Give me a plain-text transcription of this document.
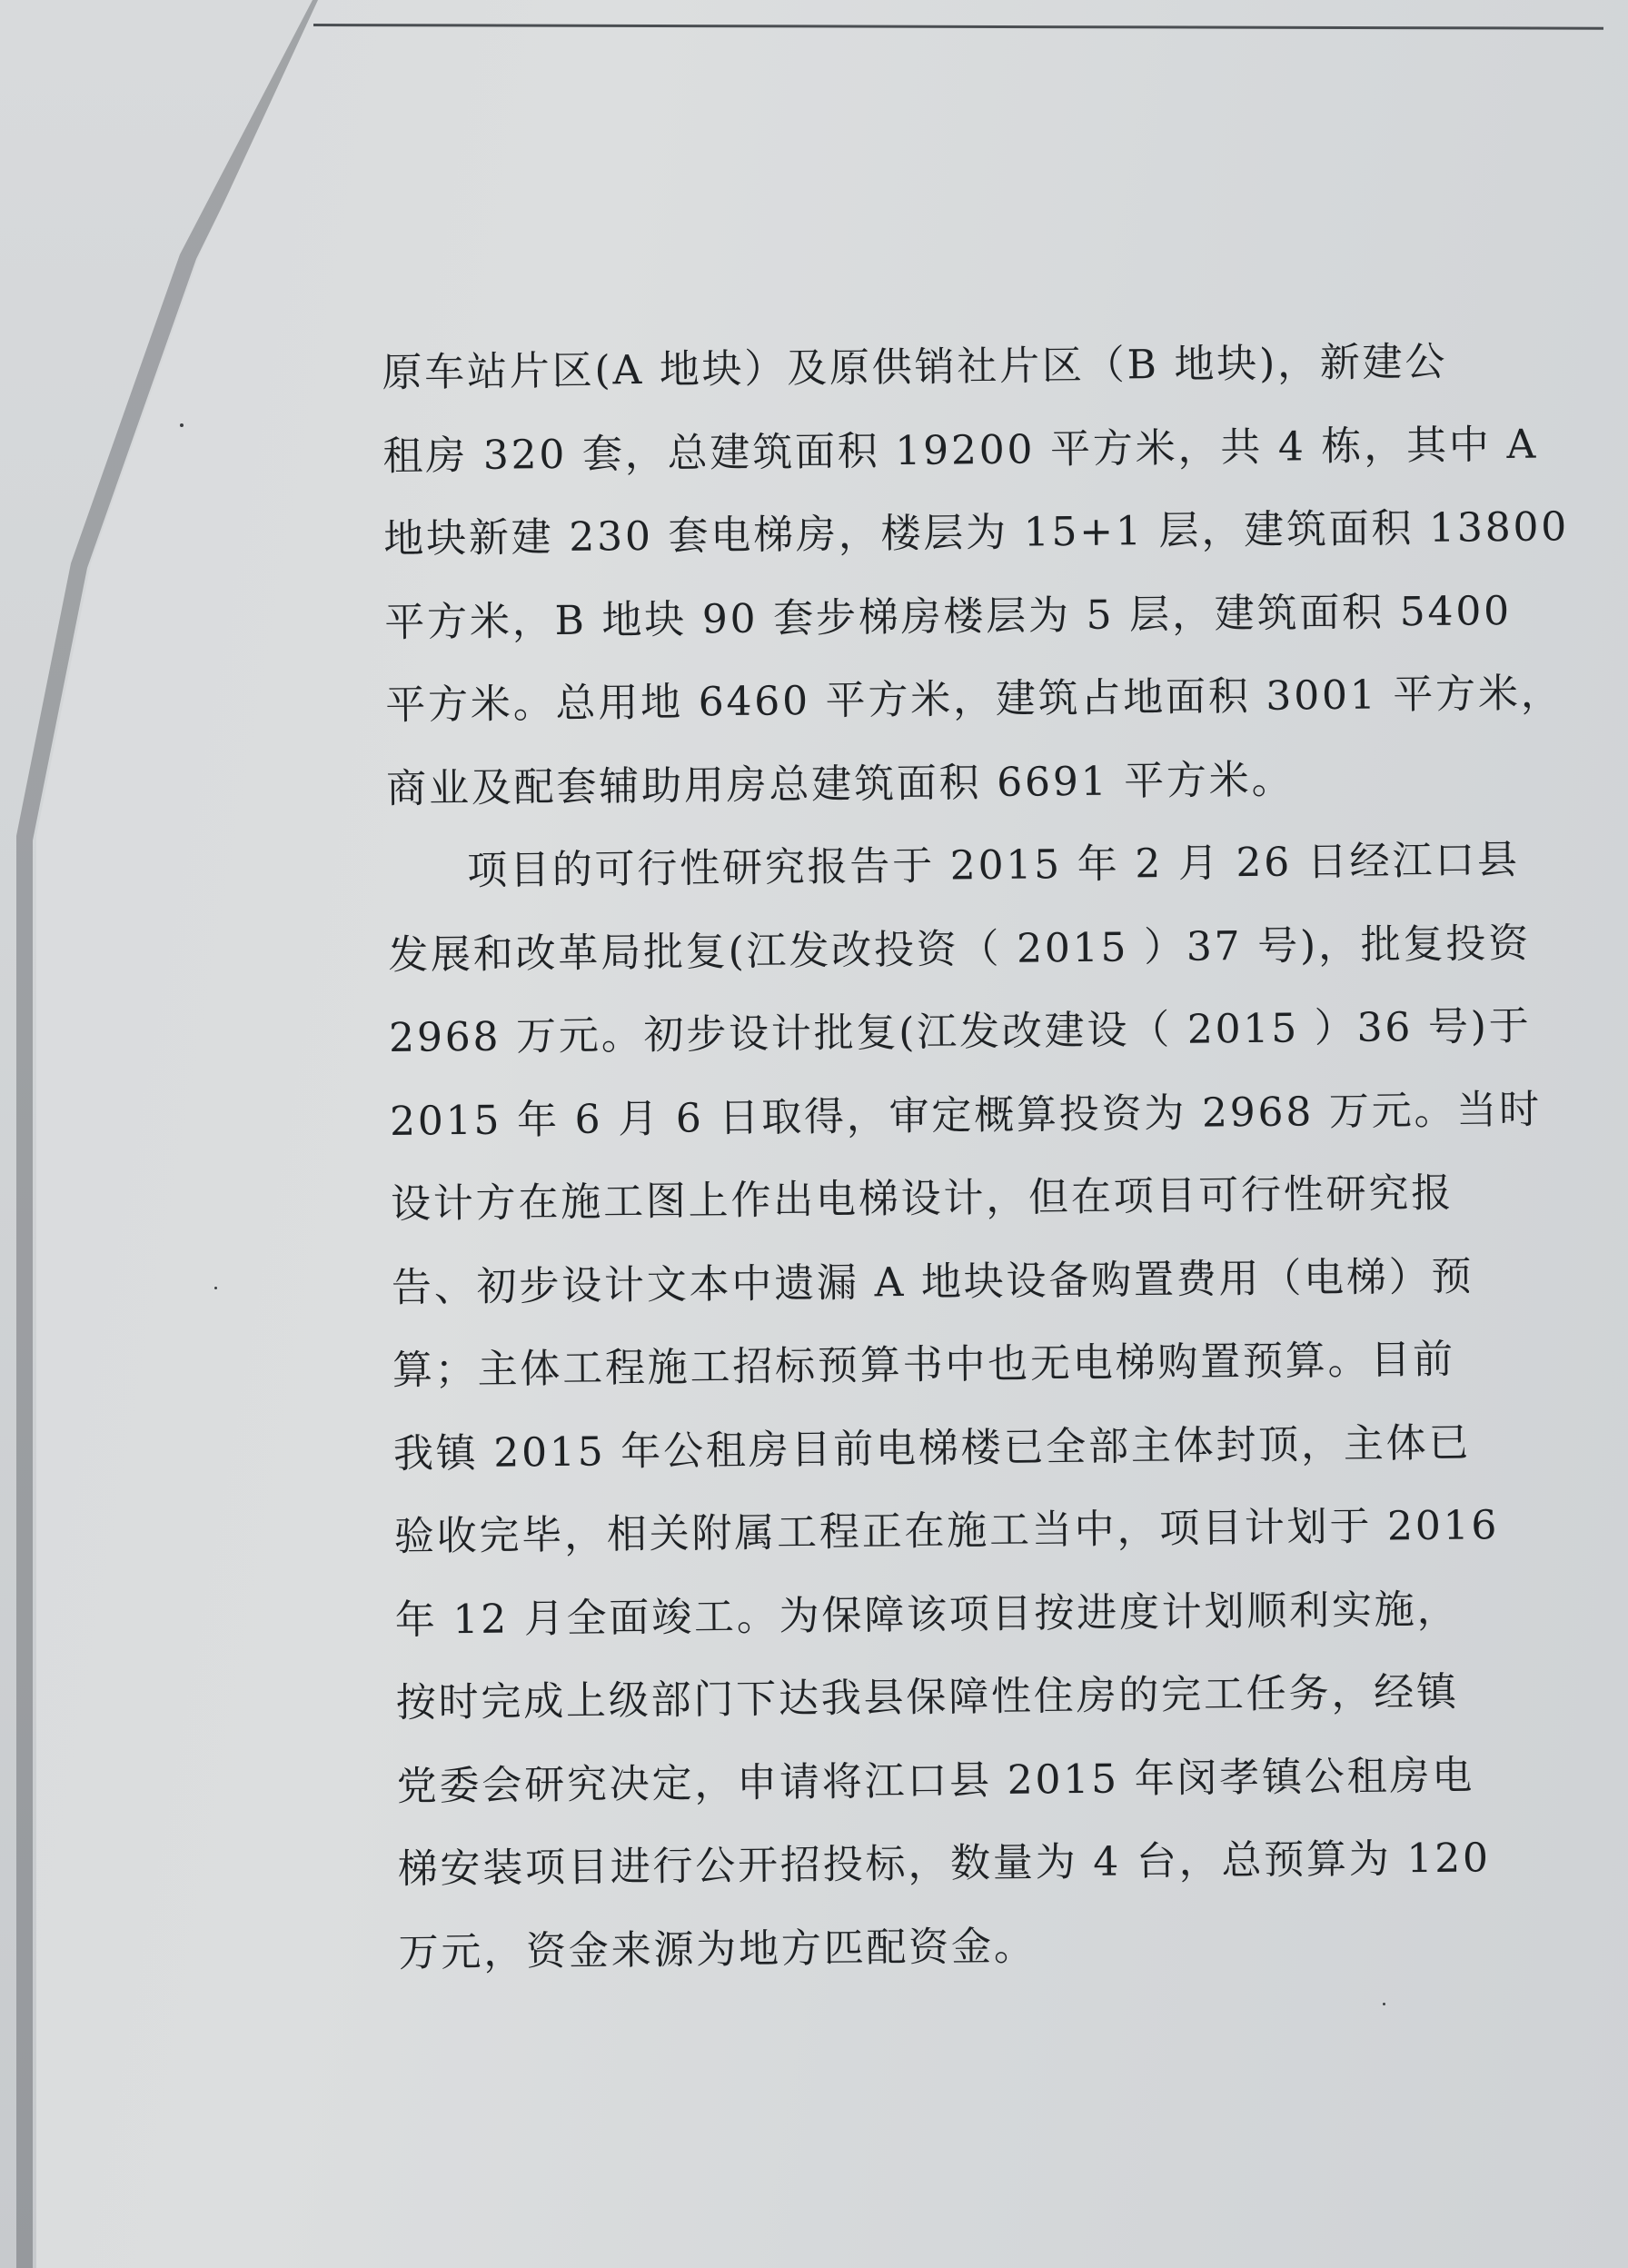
原车站片区(A 地块）及原供销社片区（B 地块)，新建公
租房 320 套，总建筑面积 19200 平方米，共 4 栋，其中 A
地块新建 230 套电梯房，楼层为 15+1 层，建筑面积 13800
平方米，B 地块 90 套步梯房楼层为 5 层，建筑面积 5400
平方米。总用地 6460 平方米，建筑占地面积 3001 平方米，
商业及配套辅助用房总建筑面积 6691 平方米。
项目的可行性研究报告于 2015 年 2 月 26 日经江口县
发展和改革局批复(江发改投资（ 2015 ）37 号)，批复投资
2968 万元。初步设计批复(江发改建设（ 2015 ）36 号)于
2015 年 6 月 6 日取得，审定概算投资为 2968 万元。当时
设计方在施工图上作出电梯设计，但在项目可行性研究报
告、初步设计文本中遗漏 A 地块设备购置费用（电梯）预
算；主体工程施工招标预算书中也无电梯购置预算。目前
我镇 2015 年公租房目前电梯楼已全部主体封顶，主体已
验收完毕，相关附属工程正在施工当中，项目计划于 2016
年 12 月全面竣工。为保障该项目按进度计划顺利实施，
按时完成上级部门下达我县保障性住房的完工任务，经镇
党委会研究决定，申请将江口县 2015 年闵孝镇公租房电
梯安装项目进行公开招投标，数量为 4 台，总预算为 120
万元，资金来源为地方匹配资金。
